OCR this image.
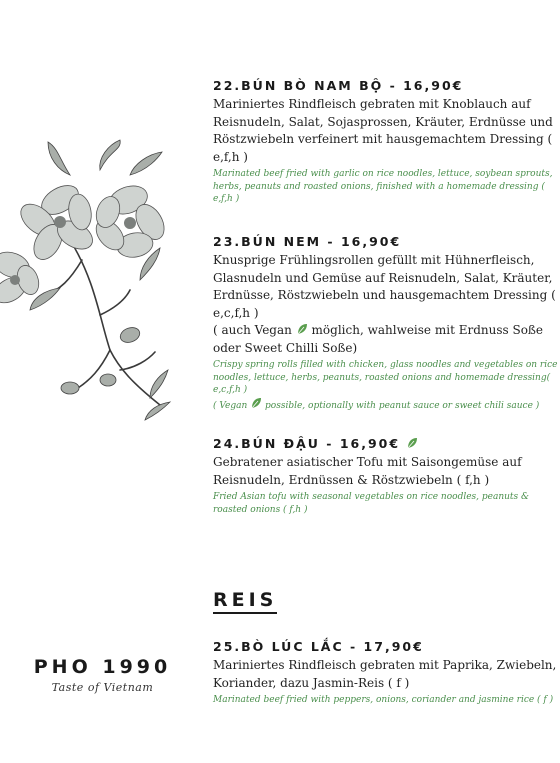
22.BÚN BÒ NAM BỘ - 16,90€
Mariniertes Rindfleisch gebraten mit Knoblauch auf Reisnudeln, Salat, Sojasprossen, Kräuter, Erdnüsse und Röstzwiebeln verfeinert mit hausgemachtem Dressing ( e,f,h )
Marinated beef fried with garlic on rice noodles, lettuce, soybean sprouts, herbs, peanuts and roasted onions, finished with a homemade dressing ( e,f,h )
23.BÚN NEM - 16,90€
Knusprige Frühlingsrollen gefüllt mit Hühnerfleisch, Glasnudeln und Gemüse auf Reisnudeln, Salat, Kräuter, Erdnüsse, Röstzwiebeln und hausgemachtem Dressing ( e,c,f,h )
( auch Vegan möglich, wahlweise mit Erdnuss Soße oder Sweet Chilli Soße)
Crispy spring rolls filled with chicken, glass noodles and vegetables on rice noodles, lettuce, herbs, peanuts, roasted onions and homemade dressing( e,c,f,h )
( Vegan possible, optionally with peanut sauce or sweet chili sauce )
24.BÚN ĐẬU - 16,90€
Gebratener asiatischer Tofu mit Saisongemüse auf Reisnudeln, Erdnüssen & Röstzwiebeln ( f,h )
Fried Asian tofu with seasonal vegetables on rice noodles, peanuts & roasted onions ( f,h )
REIS
25.BÒ LÚC LẮC - 17,90€
Mariniertes Rindfleisch gebraten mit Paprika, Zwiebeln, Koriander, dazu Jasmin-Reis ( f )
Marinated beef fried with peppers, onions, coriander and jasmine rice ( f )
PHO 1990
Taste of Vietnam
